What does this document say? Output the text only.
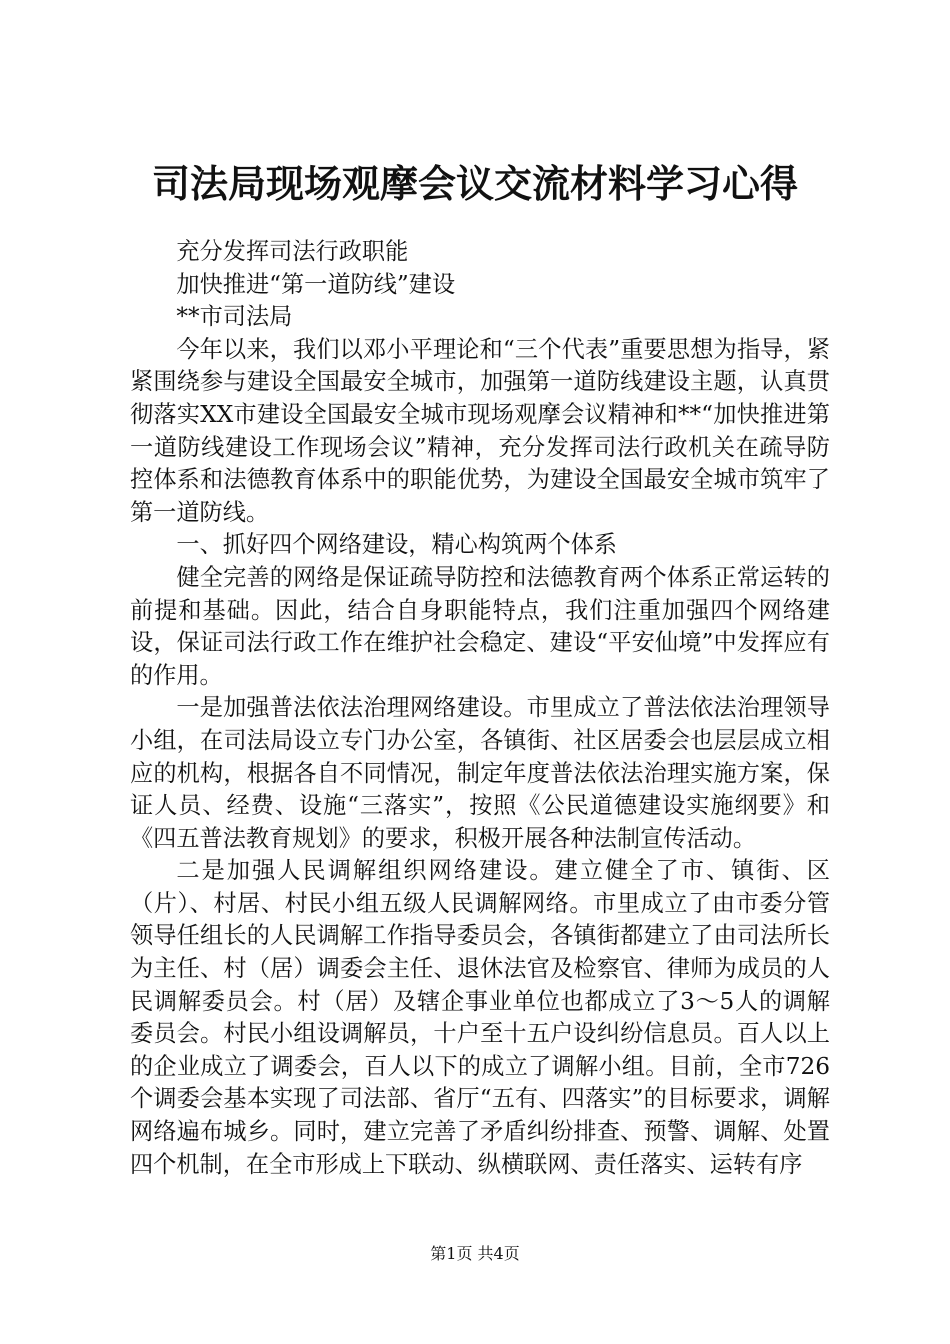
司法局现场观摩会议交流材料学习心得

充分发挥司法行政职能

加快推进“第一道防线”建设

**市司法局

今年以来，我们以邓小平理论和“三个代表”重要思想为指导，紧紧围绕参与建设全国最安全城市，加强第一道防线建设主题，认真贯彻落实XX市建设全国最安全城市现场观摩会议精神和**“加快推进第一道防线建设工作现场会议”精神，充分发挥司法行政机关在疏导防控体系和法德教育体系中的职能优势，为建设全国最安全城市筑牢了第一道防线。

一、抓好四个网络建设，精心构筑两个体系

健全完善的网络是保证疏导防控和法德教育两个体系正常运转的前提和基础。因此，结合自身职能特点，我们注重加强四个网络建设，保证司法行政工作在维护社会稳定、建设“平安仙境”中发挥应有的作用。

一是加强普法依法治理网络建设。市里成立了普法依法治理领导小组，在司法局设立专门办公室，各镇街、社区居委会也层层成立相应的机构，根据各自不同情况，制定年度普法依法治理实施方案，保证人员、经费、设施“三落实”，按照《公民道德建设实施纲要》和《四五普法教育规划》的要求，积极开展各种法制宣传活动。

二是加强人民调解组织网络建设。建立健全了市、镇街、区（片）、村居、村民小组五级人民调解网络。市里成立了由市委分管领导任组长的人民调解工作指导委员会，各镇街都建立了由司法所长为主任、村（居）调委会主任、退休法官及检察官、律师为成员的人民调解委员会。村（居）及辖企事业单位也都成立了3～5人的调解委员会。村民小组设调解员，十户至十五户设纠纷信息员。百人以上的企业成立了调委会，百人以下的成立了调解小组。目前，全市726个调委会基本实现了司法部、省厅“五有、四落实”的目标要求，调解网络遍布城乡。同时，建立完善了矛盾纠纷排查、预警、调解、处置四个机制，在全市形成上下联动、纵横联网、责任落实、运转有序

第1页 共4页
